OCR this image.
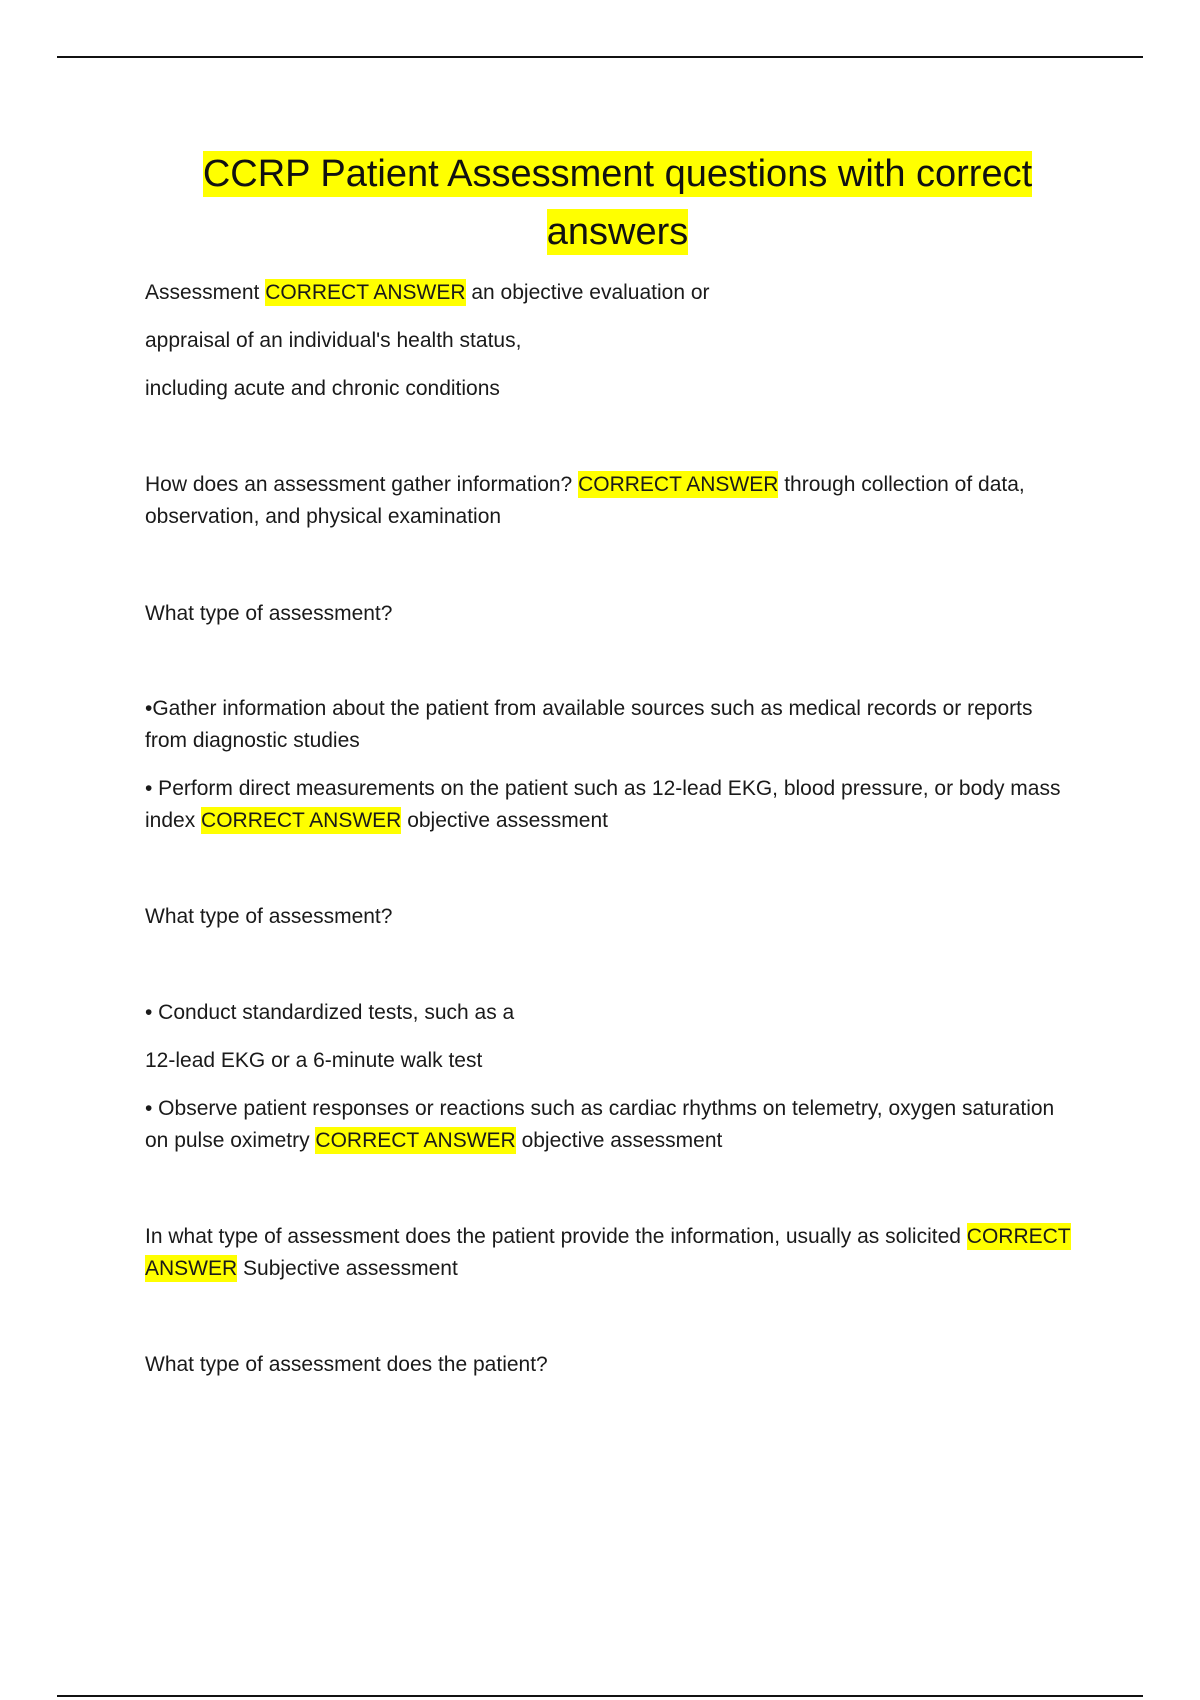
CCRP Patient Assessment questions with correct answers

Assessment CORRECT ANSWER an objective evaluation or

appraisal of an individual's health status,

including acute and chronic conditions

How does an assessment gather information? CORRECT ANSWER through collection of data, observation, and physical examination

What type of assessment?

•Gather information about the patient from available sources such as medical records or reports from diagnostic studies

• Perform direct measurements on the patient such as 12-lead EKG, blood pressure, or body mass index CORRECT ANSWER objective assessment

What type of assessment?

• Conduct standardized tests, such as a

12-lead EKG or a 6-minute walk test

• Observe patient responses or reactions such as cardiac rhythms on telemetry, oxygen saturation on pulse oximetry CORRECT ANSWER objective assessment

In what type of assessment does the patient provide the information, usually as solicited CORRECT ANSWER Subjective assessment

What type of assessment does the patient?
